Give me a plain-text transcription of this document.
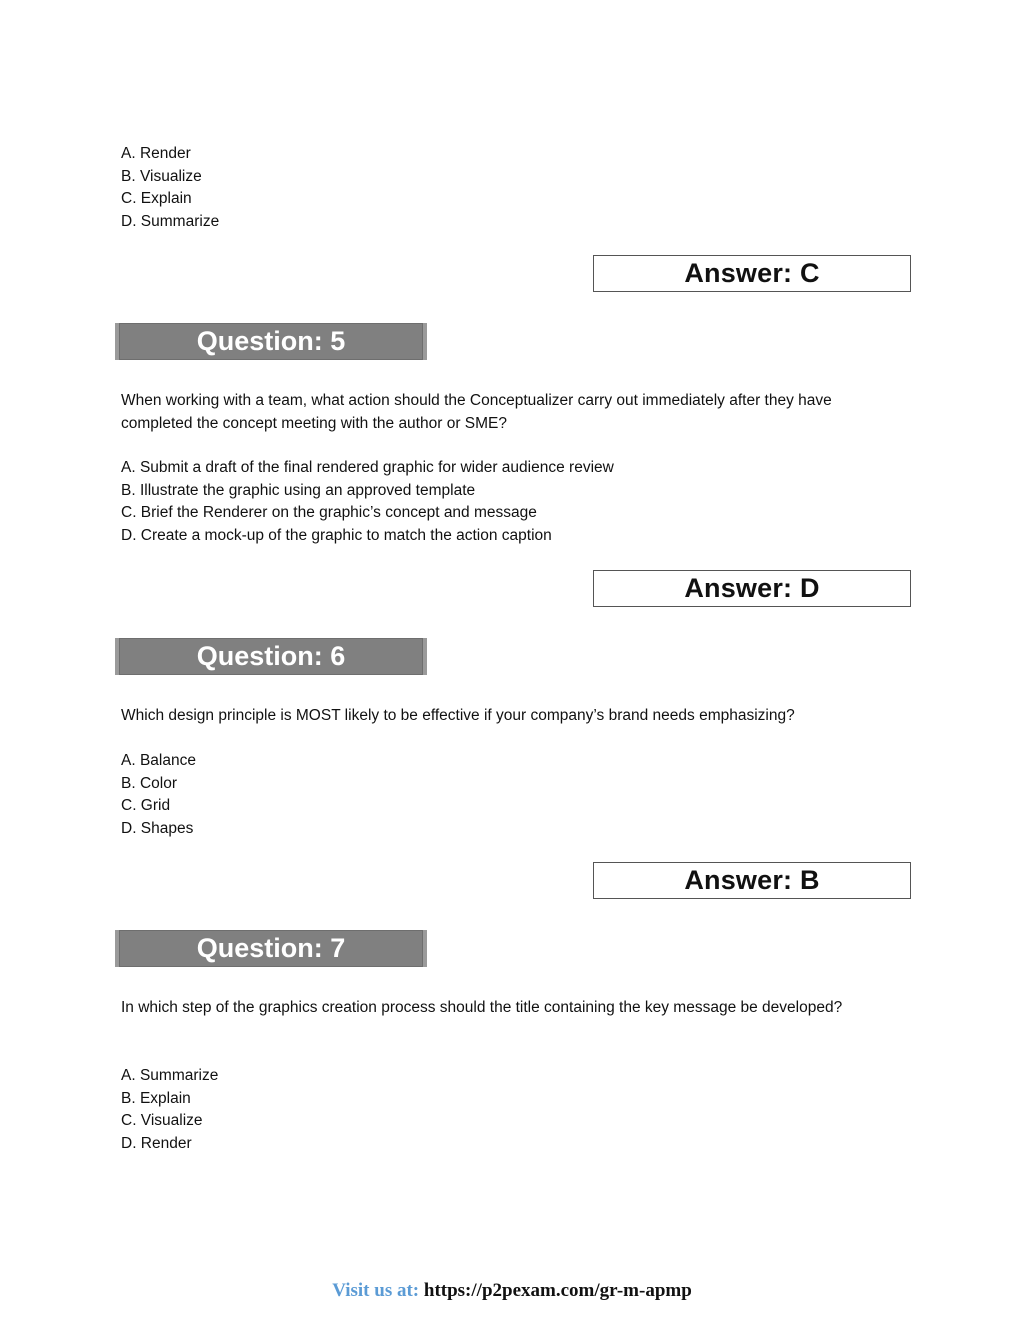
A. Render
B. Visualize
C. Explain
D. Summarize
Answer: C
Question: 5

When working with a team, what action should the Conceptualizer carry out immediately after they have completed the concept meeting with the author or SME?

A. Submit a draft of the final rendered graphic for wider audience review
B. Illustrate the graphic using an approved template
C. Brief the Renderer on the graphic’s concept and message
D. Create a mock-up of the graphic to match the action caption
Answer: D
Question: 6

Which design principle is MOST likely to be effective if your company’s brand needs emphasizing?

A. Balance
B. Color
C. Grid
D. Shapes
Answer: B
Question: 7

In which step of the graphics creation process should the title containing the key message be developed?

A. Summarize
B. Explain
C. Visualize
D. Render
Visit us at: https://p2pexam.com/gr-m-apmp
